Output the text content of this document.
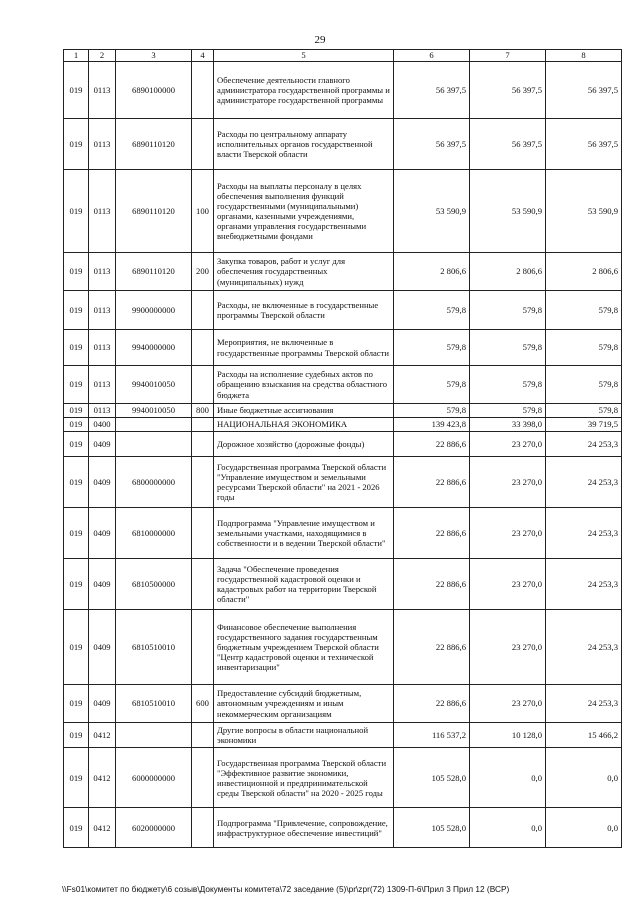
29
1	2	3	4	5	6	7	8
019	0113	6890100000		Обеспечение деятельности главного администратора государственной программы и администраторе государственной программы	56 397,5	56 397,5	56 397,5
019	0113	6890110120		Расходы по центральному аппарату исполнительных органов государственной власти Тверской области	56 397,5	56 397,5	56 397,5
019	0113	6890110120	100	Расходы на выплаты персоналу в целях обеспечения выполнения функций государственными (муниципальными) органами, казенными учреждениями, органами управления государственными внебюджетными фондами	53 590,9	53 590,9	53 590,9
019	0113	6890110120	200	Закупка товаров, работ и услуг для обеспечения государственных (муниципальных) нужд	2 806,6	2 806,6	2 806,6
019	0113	9900000000		Расходы, не включенные в государственные программы Тверской области	579,8	579,8	579,8
019	0113	9940000000		Мероприятия, не включенные в государственные программы Тверской области	579,8	579,8	579,8
019	0113	9940010050		Расходы на исполнение судебных актов по обращению взыскания на средства областного бюджета	579,8	579,8	579,8
019	0113	9940010050	800	Иные бюджетные ассигнования	579,8	579,8	579,8
019	0400			НАЦИОНАЛЬНАЯ ЭКОНОМИКА	139 423,8	33 398,0	39 719,5
019	0409			Дорожное хозяйство (дорожные фонды)	22 886,6	23 270,0	24 253,3
019	0409	6800000000		Государственная программа Тверской области "Управление имуществом и земельными ресурсами Тверской области" на 2021 - 2026 годы	22 886,6	23 270,0	24 253,3
019	0409	6810000000		Подпрограмма "Управление имуществом и земельными участками, находящимися в собственности и в ведении Тверской области"	22 886,6	23 270,0	24 253,3
019	0409	6810500000		Задача "Обеспечение проведения государственной кадастровой оценки и кадастровых работ на территории Тверской области"	22 886,6	23 270,0	24 253,3
019	0409	6810510010		Финансовое обеспечение выполнения государственного задания государственным бюджетным учреждением Тверской области "Центр кадастровой оценки и технической инвентаризации"	22 886,6	23 270,0	24 253,3
019	0409	6810510010	600	Предоставление субсидий бюджетным, автономным учреждениям и иным некоммерческим организациям	22 886,6	23 270,0	24 253,3
019	0412			Другие вопросы в области национальной экономики	116 537,2	10 128,0	15 466,2
019	0412	6000000000		Государственная программа Тверской области "Эффективное развитие экономики, инвестиционной и предпринимательской среды Тверской области" на 2020 - 2025 годы	105 528,0	0,0	0,0
019	0412	6020000000		Подпрограмма "Привлечение, сопровождение, инфраструктурное обеспечение инвестиций"	105 528,0	0,0	0,0
\\Fs01\комитет по бюджету\6 созыв\Документы комитета\72 заседание (5)\pr\zpr(72) 1309-П-6\Прил 3 Прил 12 (ВСР)
